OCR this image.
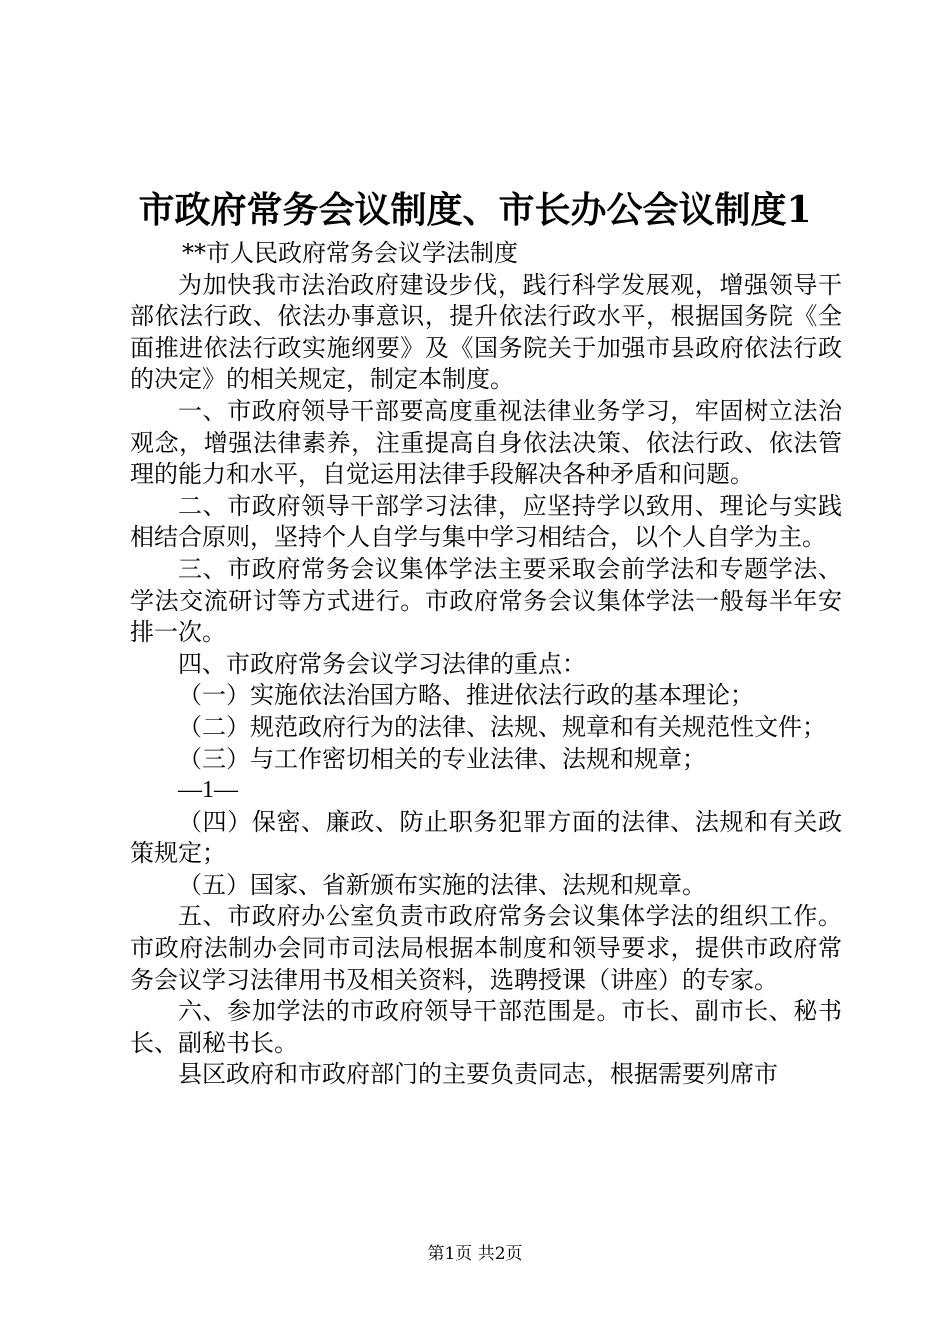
市政府常务会议制度、市长办公会议制度1

**市人民政府常务会议学法制度

为加快我市法治政府建设步伐，践行科学发展观，增强领导干部依法行政、依法办事意识，提升依法行政水平，根据国务院《全面推进依法行政实施纲要》及《国务院关于加强市县政府依法行政的决定》的相关规定，制定本制度。

一、市政府领导干部要高度重视法律业务学习，牢固树立法治观念，增强法律素养，注重提高自身依法决策、依法行政、依法管理的能力和水平，自觉运用法律手段解决各种矛盾和问题。

二、市政府领导干部学习法律，应坚持学以致用、理论与实践相结合原则，坚持个人自学与集中学习相结合，以个人自学为主。

三、市政府常务会议集体学法主要采取会前学法和专题学法、学法交流研讨等方式进行。市政府常务会议集体学法一般每半年安排一次。

四、市政府常务会议学习法律的重点：

（一）实施依法治国方略、推进依法行政的基本理论；

（二）规范政府行为的法律、法规、规章和有关规范性文件；

（三）与工作密切相关的专业法律、法规和规章；

—1—

（四）保密、廉政、防止职务犯罪方面的法律、法规和有关政策规定；

（五）国家、省新颁布实施的法律、法规和规章。

五、市政府办公室负责市政府常务会议集体学法的组织工作。市政府法制办会同市司法局根据本制度和领导要求，提供市政府常务会议学习法律用书及相关资料，选聘授课（讲座）的专家。

六、参加学法的市政府领导干部范围是。市长、副市长、秘书长、副秘书长。

县区政府和市政府部门的主要负责同志，根据需要列席市

第1页 共2页
